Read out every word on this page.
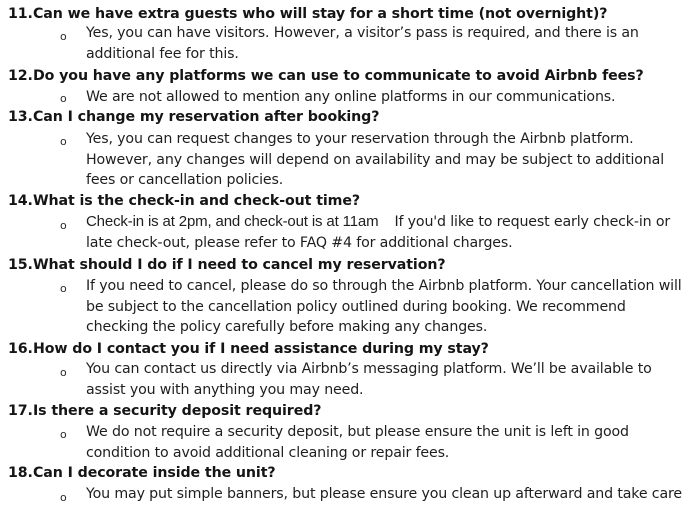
11.Can we have extra guests who will stay for a short time (not overnight)?
o Yes, you can have visitors. However, a visitor’s pass is required, and there is an
additional fee for this.
12.Do you have any platforms we can use to communicate to avoid Airbnb fees?
o We are not allowed to mention any online platforms in our communications.
13.Can I change my reservation after booking?
o Yes, you can request changes to your reservation through the Airbnb platform.
However, any changes will depend on availability and may be subject to additional
fees or cancellation policies.
14.What is the check-in and check-out time?
o Check-in is at 2pm, and check-out is at 11am If you'd like to request early check-in or
late check-out, please refer to FAQ #4 for additional charges.
15.What should I do if I need to cancel my reservation?
o If you need to cancel, please do so through the Airbnb platform. Your cancellation will
be subject to the cancellation policy outlined during booking. We recommend
checking the policy carefully before making any changes.
16.How do I contact you if I need assistance during my stay?
o You can contact us directly via Airbnb’s messaging platform. We’ll be available to
assist you with anything you may need.
17.Is there a security deposit required?
o We do not require a security deposit, but please ensure the unit is left in good
condition to avoid additional cleaning or repair fees.
18.Can I decorate inside the unit?
o You may put simple banners, but please ensure you clean up afterward and take care
